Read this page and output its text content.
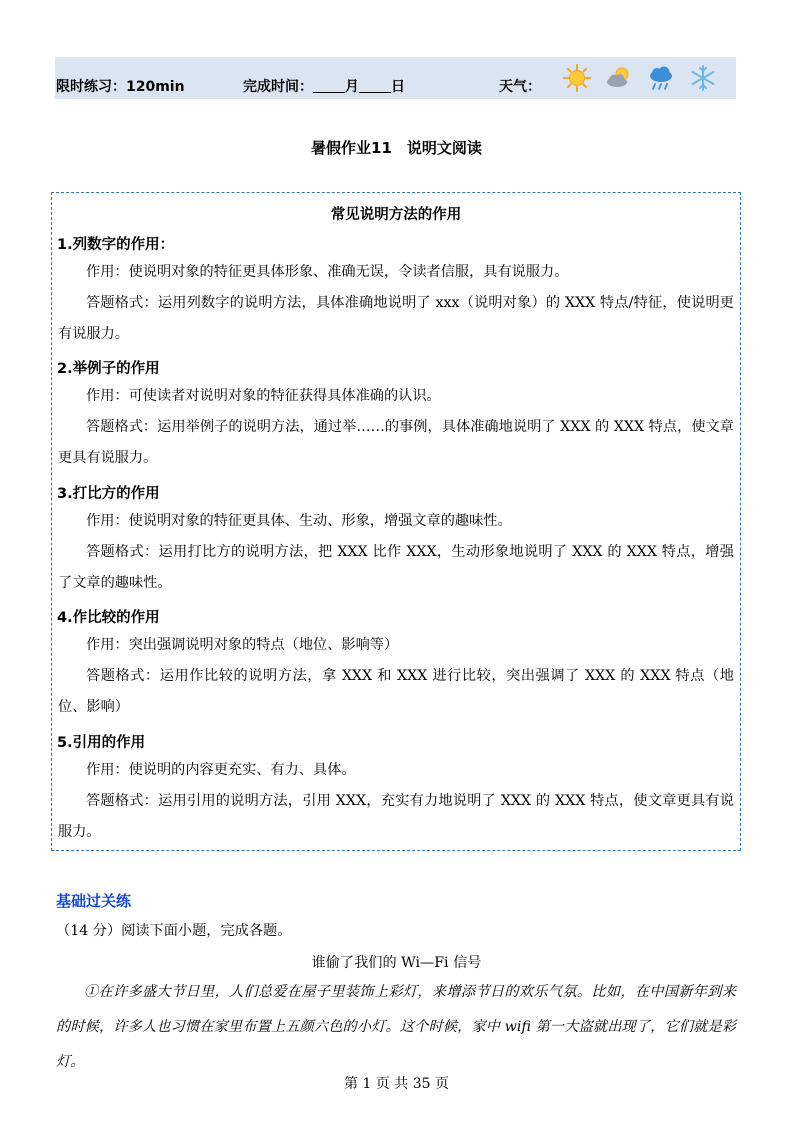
限时练习：120min	完成时间： 月 日	天气：
暑假作业11　说明文阅读
常见说明方法的作用
1.列数字的作用：

作用：使说明对象的特征更具体形象、准确无误，令读者信服，具有说服力。

答题格式：运用列数字的说明方法，具体准确地说明了 xxx（说明对象）的 XXX 特点/特征，使说明更有说服力。

2.举例子的作用

作用：可使读者对说明对象的特征获得具体准确的认识。

答题格式：运用举例子的说明方法，通过举……的事例，具体准确地说明了 XXX 的 XXX 特点，使文章更具有说服力。

3.打比方的作用

作用：使说明对象的特征更具体、生动、形象，增强文章的趣味性。

答题格式：运用打比方的说明方法，把 XXX 比作 XXX，生动形象地说明了 XXX 的 XXX 特点，增强了文章的趣味性。

4.作比较的作用

作用：突出强调说明对象的特点（地位、影响等）

答题格式：运用作比较的说明方法，拿 XXX 和 XXX 进行比较，突出强调了 XXX 的 XXX 特点（地位、影响）

5.引用的作用

作用：使说明的内容更充实、有力、具体。

答题格式：运用引用的说明方法，引用 XXX，充实有力地说明了 XXX 的 XXX 特点，使文章更具有说服力。

基础过关练
（14 分）阅读下面小题，完成各题。
谁偷了我们的 Wi—Fi 信号

①在许多盛大节日里，人们总爱在屋子里装饰上彩灯，来增添节日的欢乐气氛。比如，在中国新年到来的时候，许多人也习惯在家里布置上五颜六色的小灯。这个时候，家中 wifi 第一大盗就出现了，它们就是彩灯。

第 1 页 共 35 页
